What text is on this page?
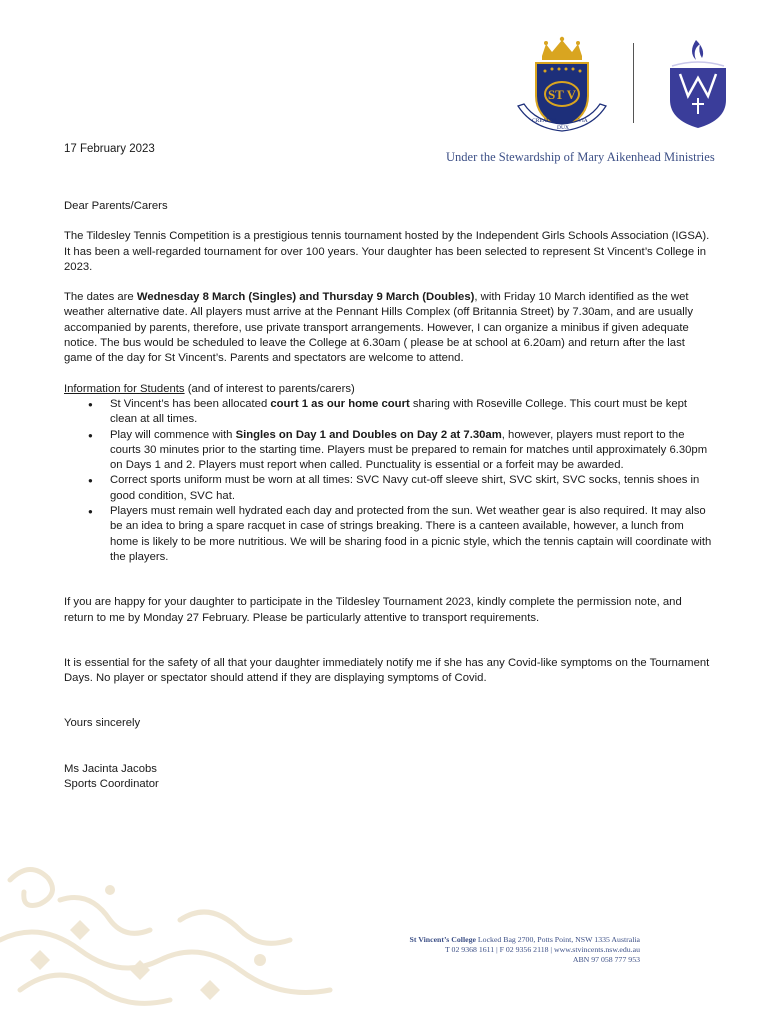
ST V
CREATOR
DUX
VIA
Under the Stewardship of Mary Aikenhead Ministries
17 February 2023

Dear Parents/Carers

The Tildesley Tennis Competition is a prestigious tennis tournament hosted by the Independent Girls Schools Association (IGSA). It has been a well-regarded tournament for over 100 years. Your daughter has been selected to represent St Vincent’s College in 2023.

The dates are Wednesday 8 March (Singles) and Thursday 9 March (Doubles), with Friday 10 March identified as the wet weather alternative date. All players must arrive at the Pennant Hills Complex (off Britannia Street) by 7.30am, and are usually accompanied by parents, therefore, use private transport arrangements. However, I can organize a minibus if given adequate notice. The bus would be scheduled to leave the College at 6.30am ( please be at school at 6.20am) and return after the last game of the day for St Vincent’s. Parents and spectators are welcome to attend.

Information for Students (and of interest to parents/carers)

● St Vincent’s has been allocated court 1 as our home court sharing with Roseville College. This court must be kept clean at all times.
● Play will commence with Singles on Day 1 and Doubles on Day 2 at 7.30am, however, players must report to the courts 30 minutes prior to the starting time. Players must be prepared to remain for matches until approximately 6.30pm on Days 1 and 2. Players must report when called. Punctuality is essential or a forfeit may be awarded.
● Correct sports uniform must be worn at all times: SVC Navy cut-off sleeve shirt, SVC skirt, SVC socks, tennis shoes in good condition, SVC hat.
● Players must remain well hydrated each day and protected from the sun. Wet weather gear is also required. It may also be an idea to bring a spare racquet in case of strings breaking. There is a canteen available, however, a lunch from home is likely to be more nutritious. We will be sharing food in a picnic style, which the tennis captain will coordinate with the players.

If you are happy for your daughter to participate in the Tildesley Tournament 2023, kindly complete the permission note, and return to me by Monday 27 February. Please be particularly attentive to transport requirements.

It is essential for the safety of all that your daughter immediately notify me if she has any Covid-like symptoms on the Tournament Days. No player or spectator should attend if they are displaying symptoms of Covid.

Yours sincerely

Ms Jacinta Jacobs

Sports Coordinator

St Vincent’s College Locked Bag 2700, Potts Point, NSW 1335 Australia
T 02 9368 1611 | F 02 9356 2118 | www.stvincents.nsw.edu.au
ABN 97 058 777 953
